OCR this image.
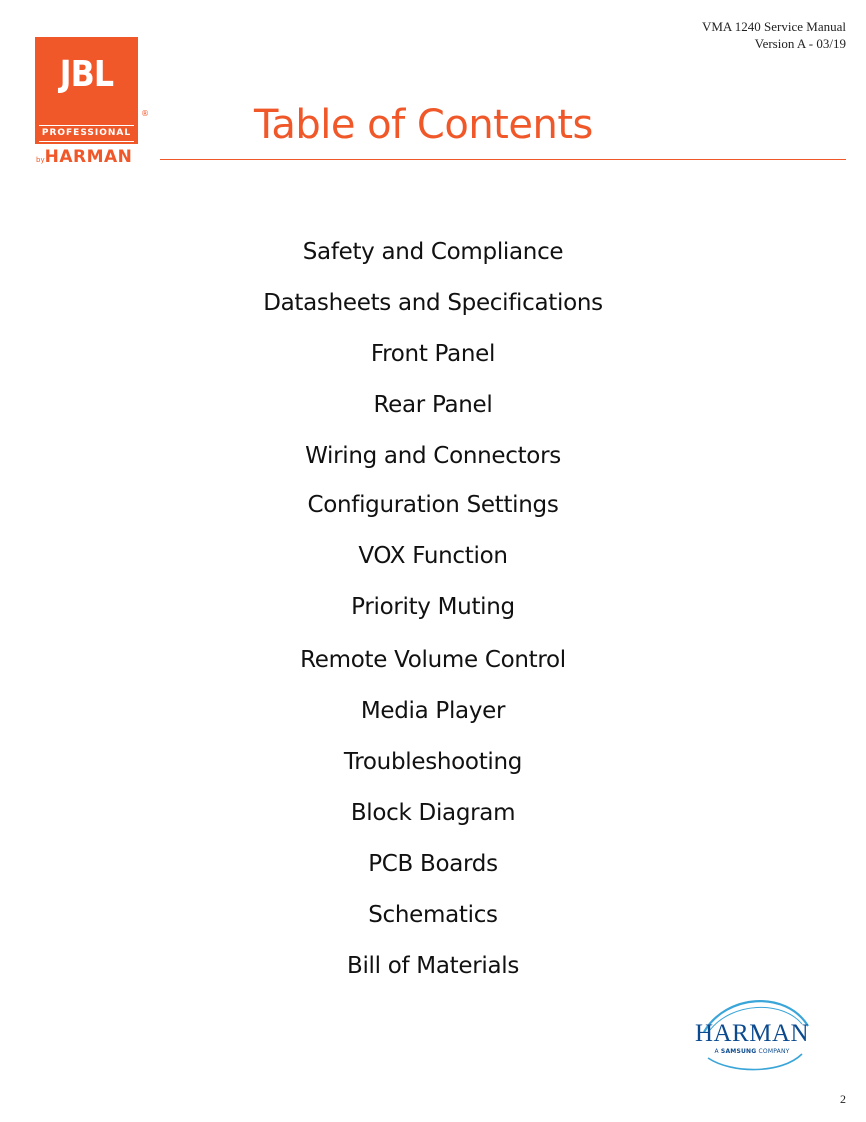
VMA 1240 Service Manual
Version A - 03/19
JBL
PROFESSIONAL
®
byHARMAN
Table of Contents
Safety and Compliance
Datasheets and Specifications
Front Panel
Rear Panel
Wiring and Connectors
Configuration Settings
VOX Function
Priority Muting
Remote Volume Control
Media Player
Troubleshooting
Block Diagram
PCB Boards
Schematics
Bill of Materials
HARMAN
A SAMSUNG COMPANY
2
